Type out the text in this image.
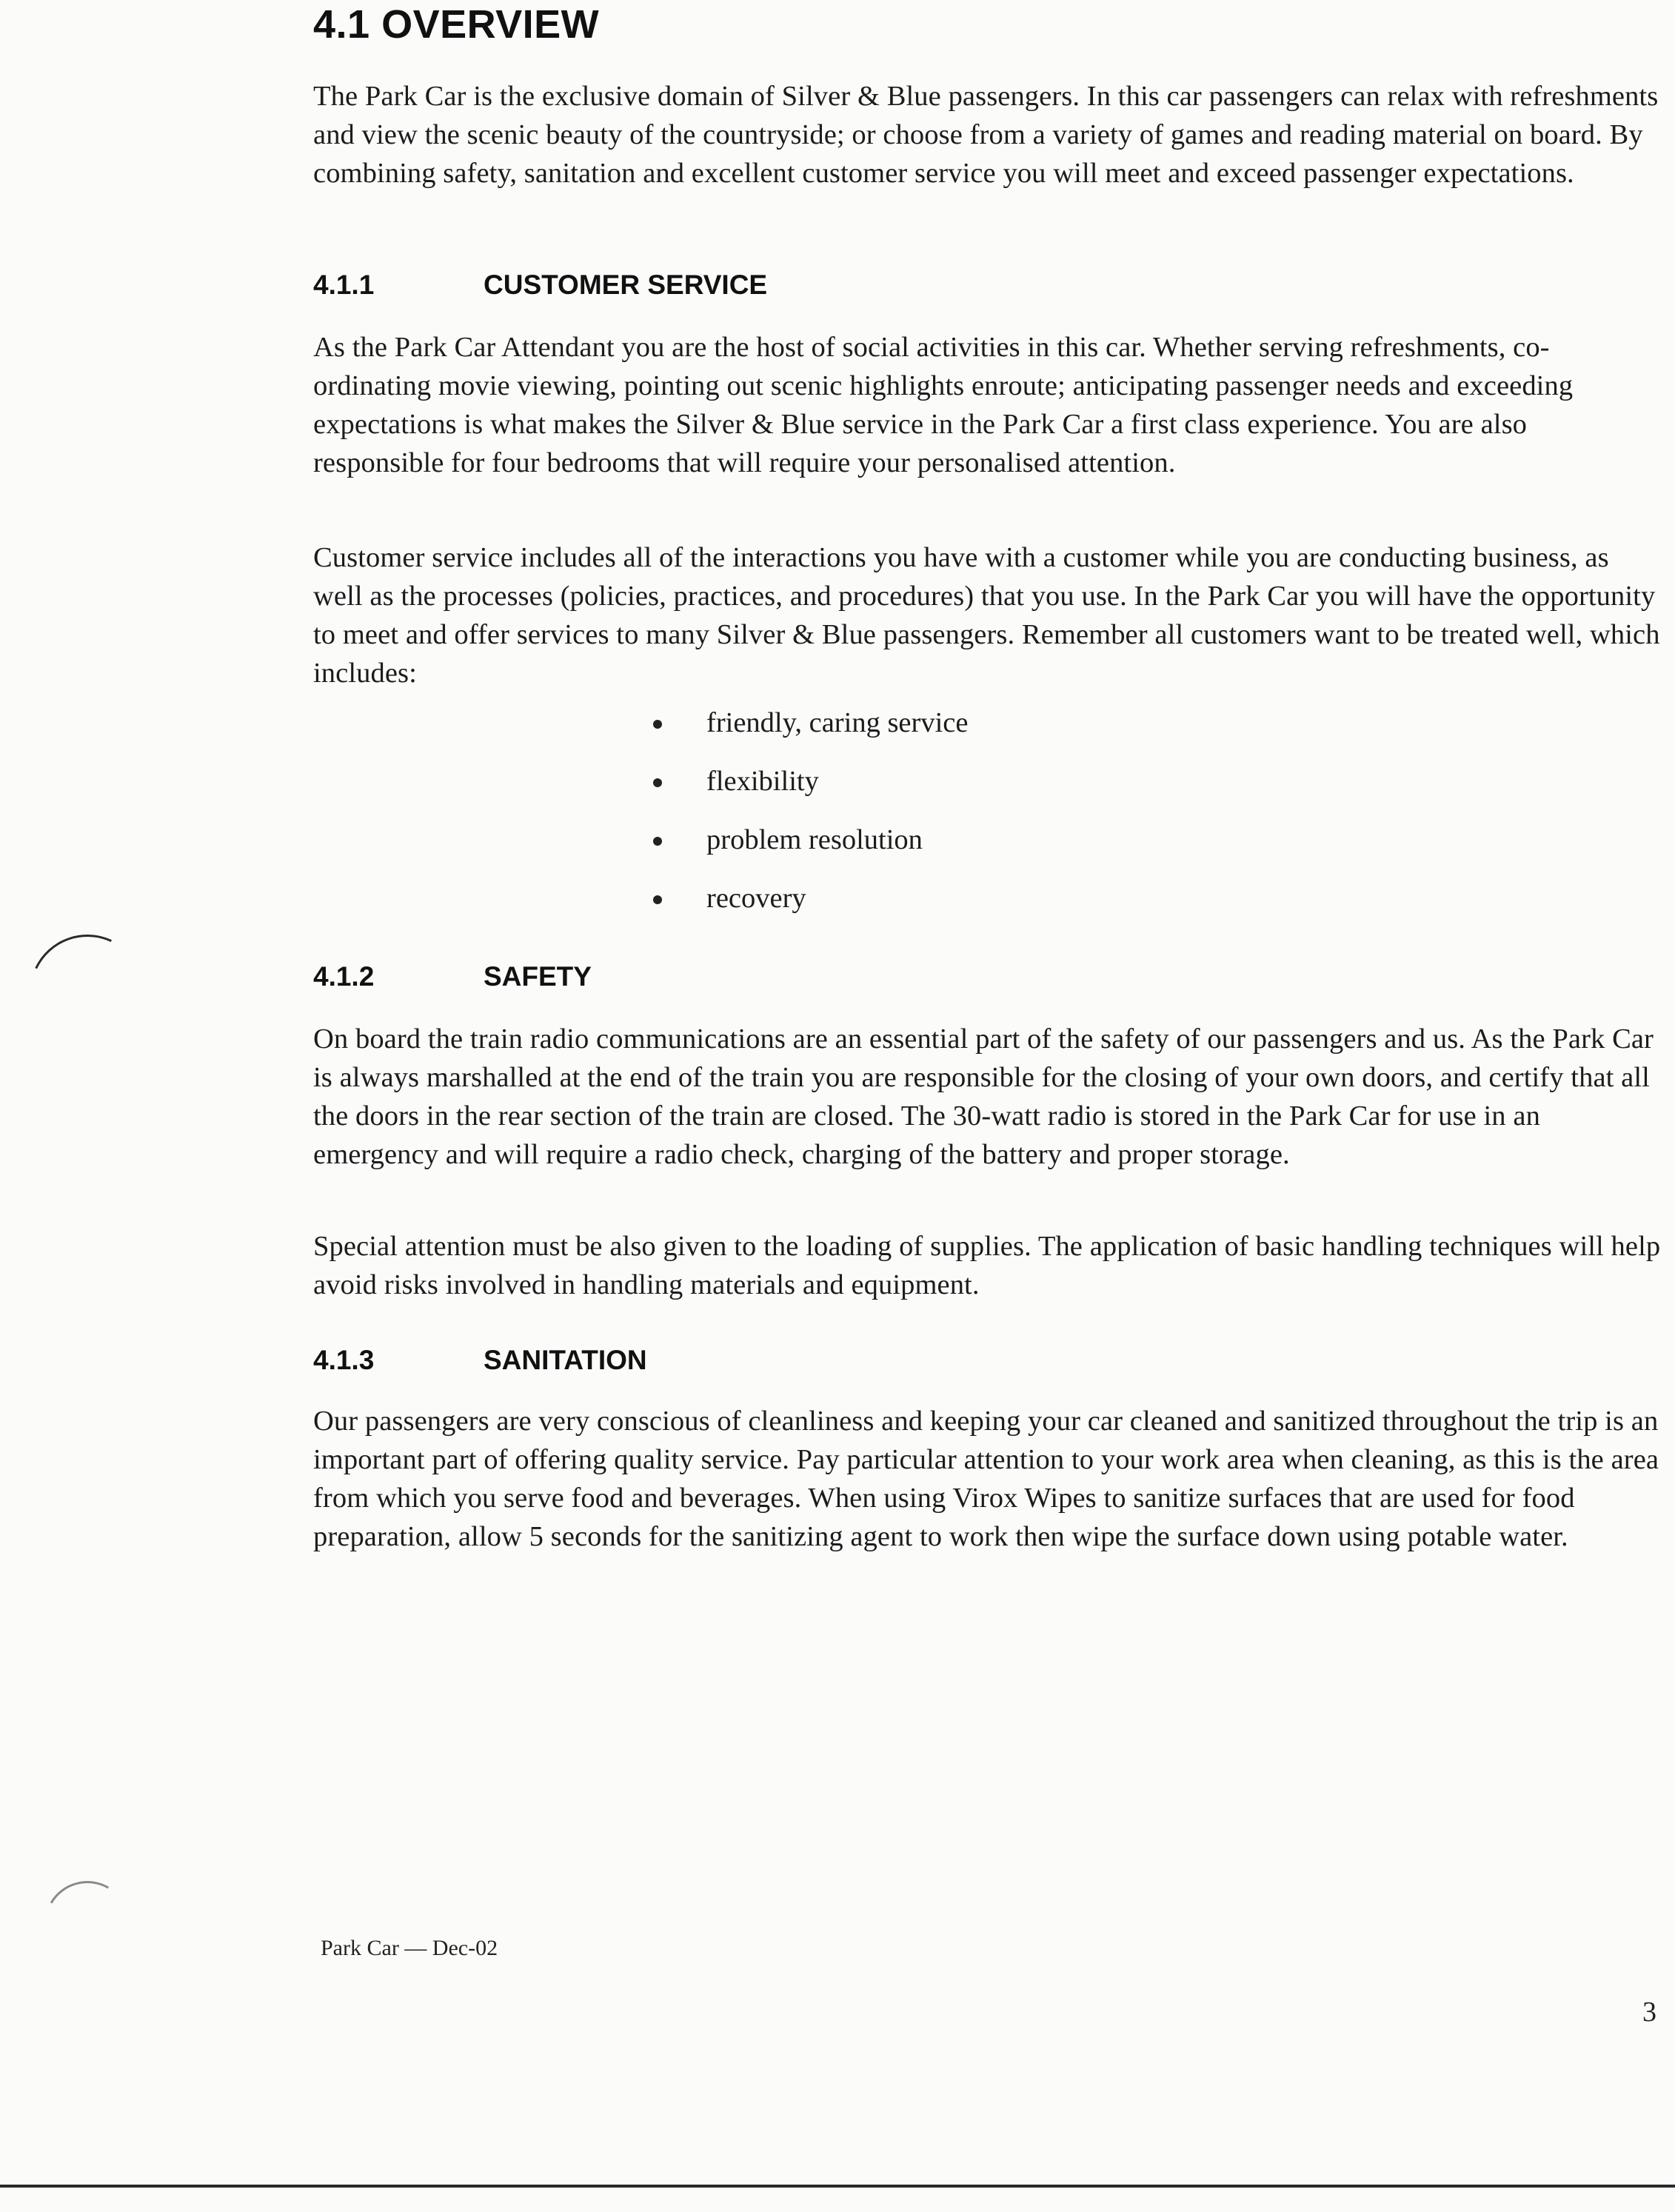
4.1 OVERVIEW

The Park Car is the exclusive domain of Silver & Blue passengers. In this car passengers can relax with refreshments and view the scenic beauty of the countryside; or choose from a variety of games and reading material on board. By combining safety, sanitation and excellent customer service you will meet and exceed passenger expectations.

4.1.1	CUSTOMER SERVICE

As the Park Car Attendant you are the host of social activities in this car. Whether serving refreshments, co-ordinating movie viewing, pointing out scenic highlights enroute; anticipating passenger needs and exceeding expectations is what makes the Silver & Blue service in the Park Car a first class experience. You are also responsible for four bedrooms that will require your personalised attention.

Customer service includes all of the interactions you have with a customer while you are conducting business, as well as the processes (policies, practices, and procedures) that you use. In the Park Car you will have the opportunity to meet and offer services to many Silver & Blue passengers. Remember all customers want to be treated well, which includes:

friendly, caring service
flexibility
problem resolution
recovery
4.1.2	SAFETY

On board the train radio communications are an essential part of the safety of our passengers and us. As the Park Car is always marshalled at the end of the train you are responsible for the closing of your own doors, and certify that all the doors in the rear section of the train are closed. The 30-watt radio is stored in the Park Car for use in an emergency and will require a radio check, charging of the battery and proper storage.

Special attention must be also given to the loading of supplies. The application of basic handling techniques will help avoid risks involved in handling materials and equipment.

4.1.3	SANITATION

Our passengers are very conscious of cleanliness and keeping your car cleaned and sanitized throughout the trip is an important part of offering quality service. Pay particular attention to your work area when cleaning, as this is the area from which you serve food and beverages. When using Virox Wipes to sanitize surfaces that are used for food preparation, allow 5 seconds for the sanitizing agent to work then wipe the surface down using potable water.

Park Car — Dec-02
3
